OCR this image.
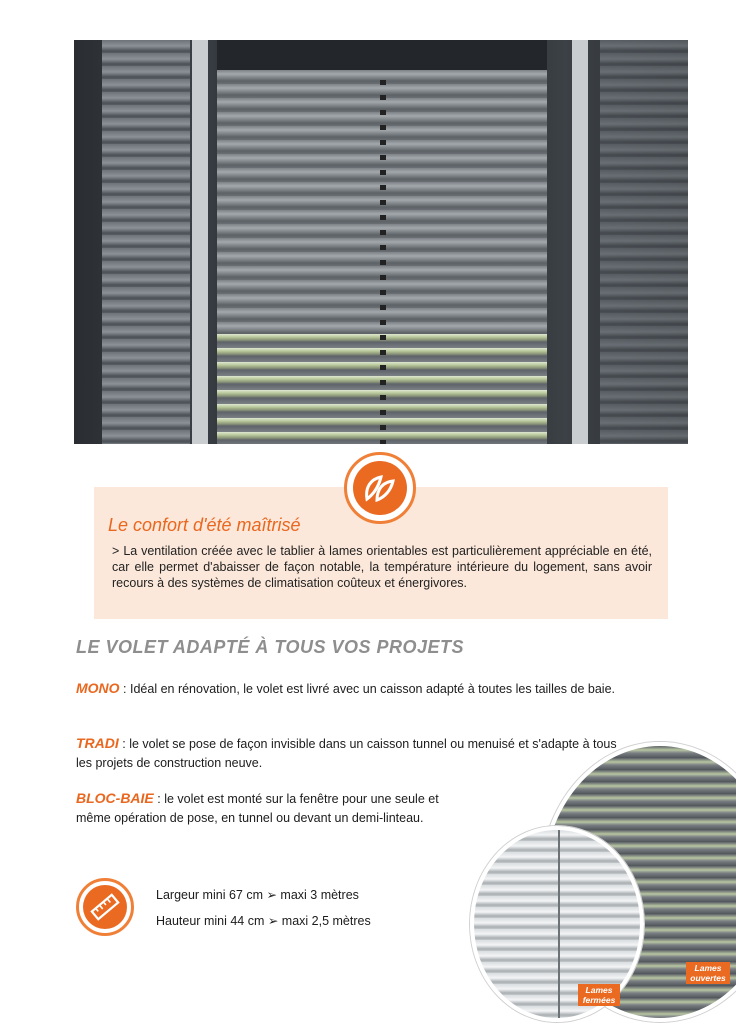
Le confort d'été maîtrisé

> La ventilation créée avec le tablier à lames orientables est particulièrement appréciable en été, car elle permet d'abaisser de façon notable, la température intérieure du logement, sans avoir recours à des systèmes de climatisation coûteux et énergivores.

LE VOLET ADAPTÉ À TOUS VOS PROJETS

MONO : Idéal en rénovation, le volet est livré avec un caisson adapté à toutes les tailles de baie.

TRADI : le volet se pose de façon invisible dans un caisson tunnel ou menuisé et s'adapte à tous les projets de construction neuve.

BLOC-BAIE : le volet est monté sur la fenêtre pour une seule et même opération de pose, en tunnel ou devant un demi-linteau.

Largeur mini 67 cm ➢ maxi 3 mètres

Hauteur mini 44 cm ➢ maxi 2,5 mètres

Lames ouvertes
Lames fermées
